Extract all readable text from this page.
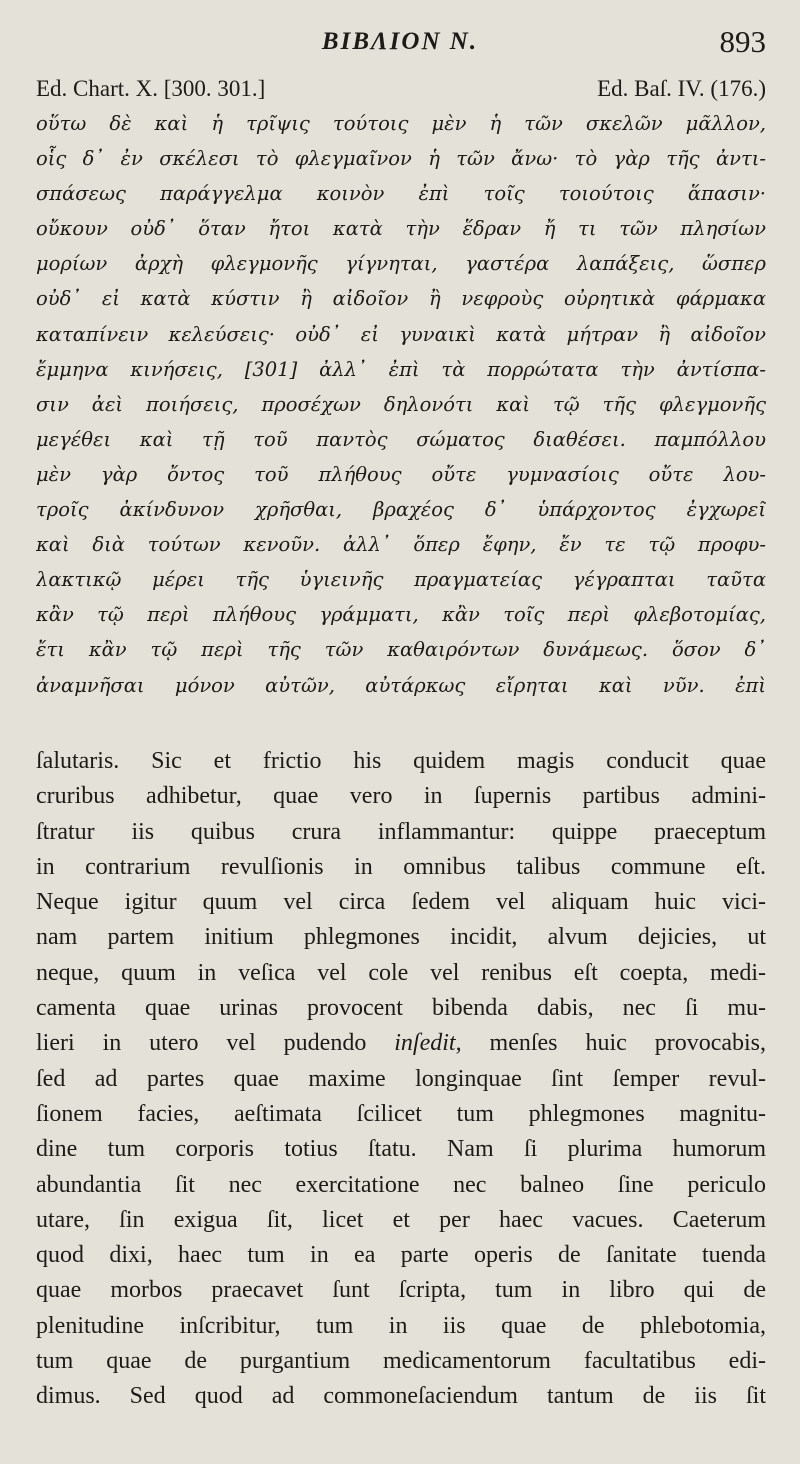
BIBΛΙΟΝ N.	893
Ed. Chart. X. [300. 301.]	Ed. Baſ. IV. (176.)
οὕτω δὲ καὶ ἡ τρῖψις τούτοις μὲν ἡ τῶν σκελῶν μᾶλλον,
οἷς δ᾽ ἐν σκέλεσι τὸ φλεγμαῖνον ἡ τῶν ἄνω· τὸ γὰρ τῆς ἀντι-
σπάσεως παράγγελμα κοινὸν ἐπὶ τοῖς τοιούτοις ἅπασιν·
οὔκουν οὐδ᾽ ὅταν ἤτοι κατὰ τὴν ἕδραν ἤ τι τῶν πλησίων
μορίων ἀρχὴ φλεγμονῆς γίγνηται, γαστέρα λαπάξεις, ὥσπερ
οὐδ᾽ εἰ κατὰ κύστιν ἢ αἰδοῖον ἢ νεφροὺς οὐρητικὰ φάρμακα
καταπίνειν κελεύσεις· οὐδ᾽ εἰ γυναικὶ κατὰ μήτραν ἢ αἰδοῖον
ἔμμηνα κινήσεις, [301] ἀλλ᾽ ἐπὶ τὰ πορρώτατα τὴν ἀντίσπα-
σιν ἀεὶ ποιήσεις, προσέχων δηλονότι καὶ τῷ τῆς φλεγμονῆς
μεγέθει καὶ τῇ τοῦ παντὸς σώματος διαθέσει. παμπόλλου
μὲν γὰρ ὄντος τοῦ πλήθους οὔτε γυμνασίοις οὔτε λου-
τροῖς ἀκίνδυνον χρῆσθαι, βραχέος δ᾽ ὑπάρχοντος ἐγχωρεῖ
καὶ διὰ τούτων κενοῦν. ἀλλ᾽ ὅπερ ἔφην, ἔν τε τῷ προφυ-
λακτικῷ μέρει τῆς ὑγιεινῆς πραγματείας γέγραπται ταῦτα
κἂν τῷ περὶ πλήθους γράμματι, κἂν τοῖς περὶ φλεβοτομίας,
ἔτι κἂν τῷ περὶ τῆς τῶν καθαιρόντων δυνάμεως. ὅσον δ᾽
ἀναμνῆσαι μόνον αὐτῶν, αὐτάρκως εἴρηται καὶ νῦν. ἐπὶ
ſalutaris. Sic et frictio his quidem magis conducit quae
cruribus adhibetur, quae vero in ſupernis partibus admini-
ſtratur iis quibus crura inflammantur: quippe praeceptum
in contrarium revulſionis in omnibus talibus commune eſt.
Neque igitur quum vel circa ſedem vel aliquam huic vici-
nam partem initium phlegmones incidit, alvum dejicies, ut
neque, quum in veſica vel cole vel renibus eſt coepta, medi-
camenta quae urinas provocent bibenda dabis, nec ſi mu-
lieri in utero vel pudendo inſedit, menſes huic provocabis,
ſed ad partes quae maxime longinquae ſint ſemper revul-
ſionem facies, aeſtimata ſcilicet tum phlegmones magnitu-
dine tum corporis totius ſtatu. Nam ſi plurima humorum
abundantia ſit nec exercitatione nec balneo ſine periculo
utare, ſin exigua ſit, licet et per haec vacues. Caeterum
quod dixi, haec tum in ea parte operis de ſanitate tuenda
quae morbos praecavet ſunt ſcripta, tum in libro qui de
plenitudine inſcribitur, tum in iis quae de phlebotomia,
tum quae de purgantium medicamentorum facultatibus edi-
dimus. Sed quod ad commoneſaciendum tantum de iis ſit
